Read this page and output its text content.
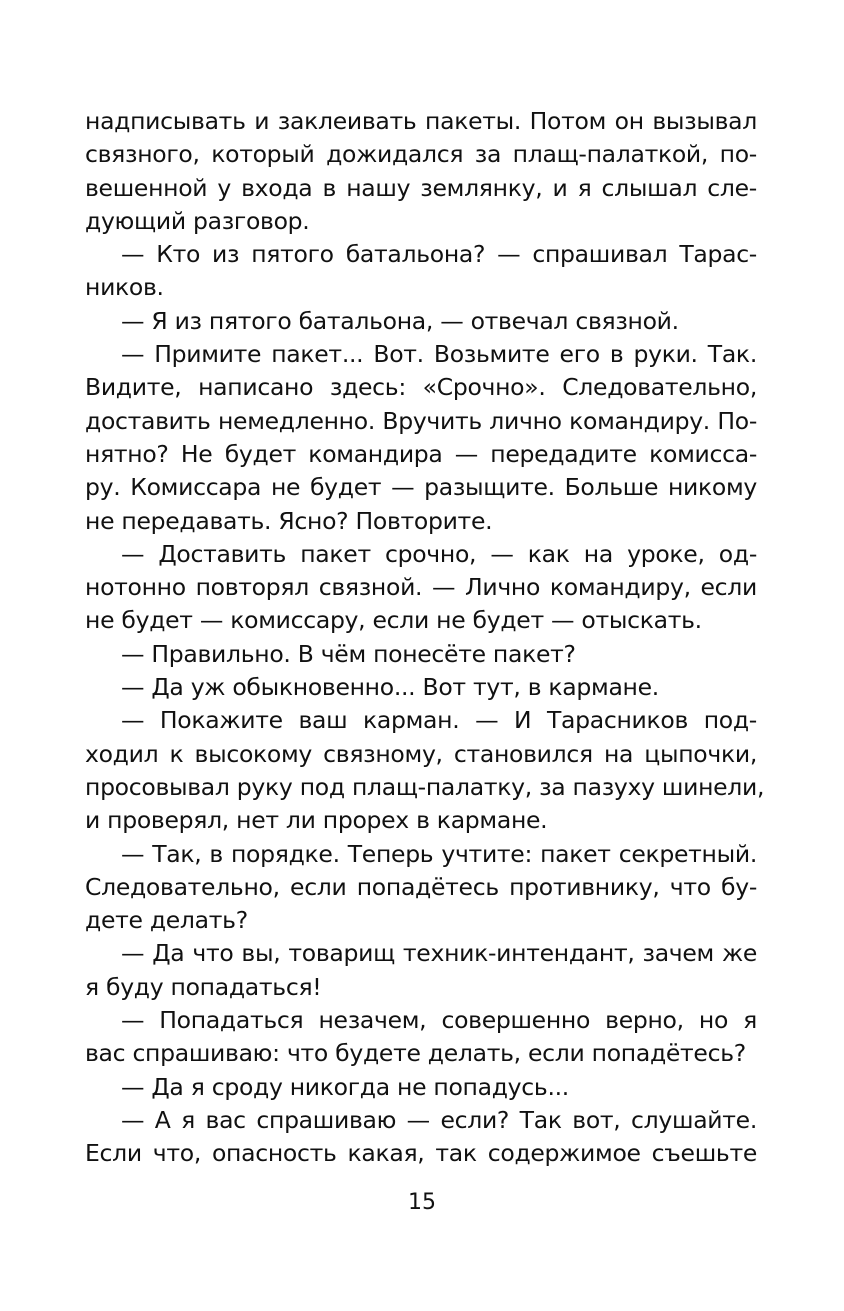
надписывать и заклеивать пакеты. Потом он вызывал
связного, который дожидался за плащ-палаткой, по-
вешенной у входа в нашу землянку, и я слышал сле-
дующий разговор.
— Кто из пятого батальона? — спрашивал Тарас-
ников.
— Я из пятого батальона, — отвечал связной.
— Примите пакет... Вот. Возьмите его в руки. Так.
Видите, написано здесь: «Срочно». Следовательно,
доставить немедленно. Вручить лично командиру. По-
нятно? Не будет командира — передадите комисса-
ру. Комиссара не будет — разыщите. Больше никому
не передавать. Ясно? Повторите.
— Доставить пакет срочно, — как на уроке, од-
нотонно повторял связной. — Лично командиру, если
не будет — комиссару, если не будет — отыскать.
— Правильно. В чём понесёте пакет?
— Да уж обыкновенно... Вот тут, в кармане.
— Покажите ваш карман. — И Тарасников под-
ходил к высокому связному, становился на цыпочки,
просовывал руку под плащ-палатку, за пазуху шинели,
и проверял, нет ли прорех в кармане.
— Так, в порядке. Теперь учтите: пакет секретный.
Следовательно, если попадётесь противнику, что бу-
дете делать?
— Да что вы, товарищ техник-интендант, зачем же
я буду попадаться!
— Попадаться незачем, совершенно верно, но я
вас спрашиваю: что будете делать, если попадётесь?
— Да я сроду никогда не попадусь...
— А я вас спрашиваю — если? Так вот, слушайте.
Если что, опасность какая, так содержимое съешьте
15
